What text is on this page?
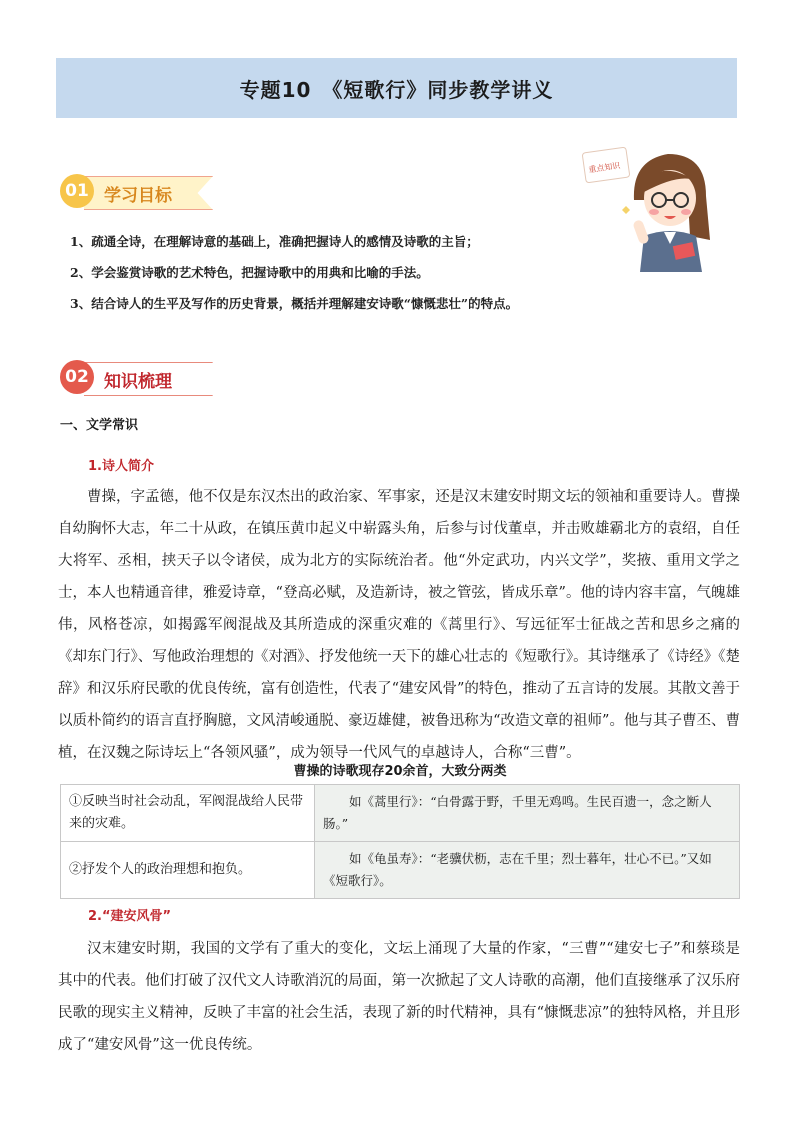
专题10　《短歌行》同步教学讲义
01 学习目标
1、疏通全诗，在理解诗意的基础上，准确把握诗人的感情及诗歌的主旨；
2、学会鉴赏诗歌的艺术特色，把握诗歌中的用典和比喻的手法。
3、结合诗人的生平及写作的历史背景，概括并理解建安诗歌“慷慨悲壮”的特点。
重点知识
02 知识梳理
一、文学常识
1.诗人简介

曹操，字孟德，他不仅是东汉杰出的政治家、军事家，还是汉末建安时期文坛的领袖和重要诗人。曹操自幼胸怀大志，年二十从政，在镇压黄巾起义中崭露头角，后参与讨伐董卓，并击败雄霸北方的袁绍，自任大将军、丞相，挟天子以令诸侯，成为北方的实际统治者。他“外定武功，内兴文学”，奖掖、重用文学之士，本人也精通音律，雅爱诗章，“登高必赋，及造新诗，被之管弦，皆成乐章”。他的诗内容丰富，气魄雄伟，风格苍凉，如揭露军阀混战及其所造成的深重灾难的《蒿里行》、写远征军士征战之苦和思乡之痛的《却东门行》、写他政治理想的《对酒》、抒发他统一天下的雄心壮志的《短歌行》。其诗继承了《诗经》《楚辞》和汉乐府民歌的优良传统，富有创造性，代表了“建安风骨”的特色，推动了五言诗的发展。其散文善于以质朴简约的语言直抒胸臆，文风清峻通脱、豪迈雄健，被鲁迅称为“改造文章的祖师”。他与其子曹丕、曹植，在汉魏之际诗坛上“各领风骚”，成为领导一代风气的卓越诗人，合称“三曹”。

曹操的诗歌现存20余首，大致分两类
①反映当时社会动乱，军阀混战给人民带来的灾难。	如《蒿里行》：“白骨露于野，千里无鸡鸣。生民百遗一，念之断人肠。”
②抒发个人的政治理想和抱负。	如《龟虽寿》：“老骥伏枥，志在千里；烈士暮年，壮心不已。”又如《短歌行》。
2.“建安风骨”

汉末建安时期，我国的文学有了重大的变化，文坛上涌现了大量的作家，“三曹”“建安七子”和蔡琰是其中的代表。他们打破了汉代文人诗歌消沉的局面，第一次掀起了文人诗歌的高潮，他们直接继承了汉乐府民歌的现实主义精神，反映了丰富的社会生活，表现了新的时代精神，具有“慷慨悲凉”的独特风格，并且形成了“建安风骨”这一优良传统。
